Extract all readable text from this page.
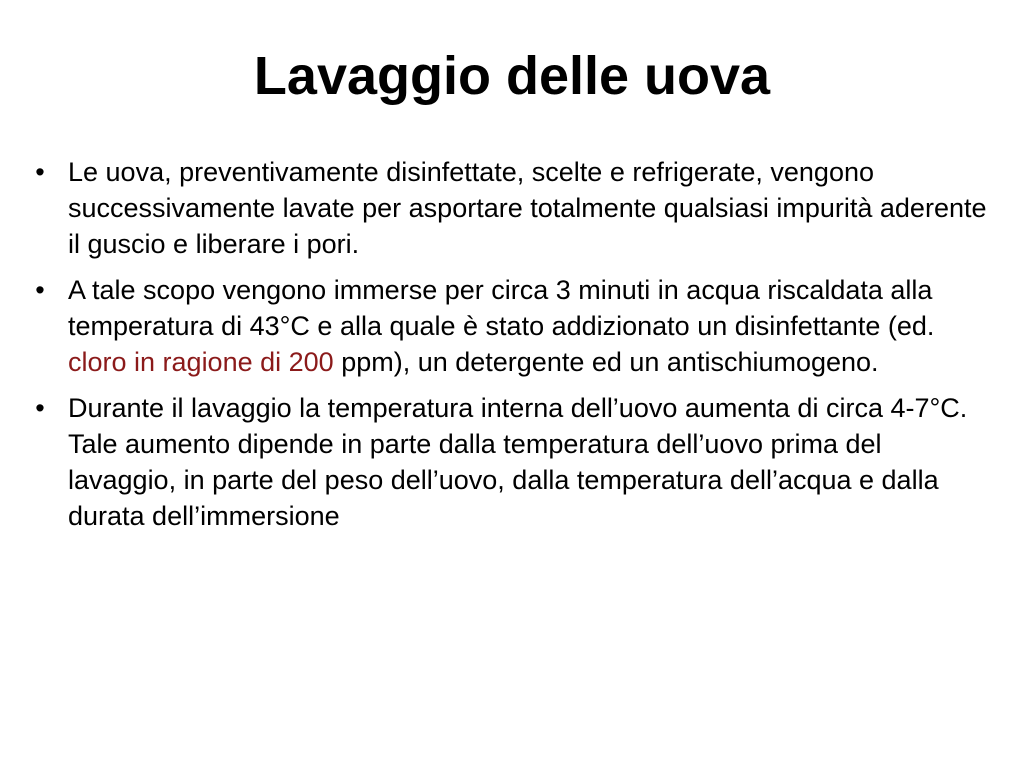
Lavaggio delle uova
• Le uova, preventivamente disinfettate, scelte e refrigerate, vengono successivamente lavate per asportare totalmente qualsiasi impurità aderente il guscio e liberare i pori.
• A tale scopo vengono immerse per circa 3 minuti in acqua riscaldata alla temperatura di 43°C e alla quale è stato addizionato un disinfettante (ed. cloro in ragione di 200 ppm), un detergente ed un antischiumogeno.
• Durante il lavaggio la temperatura interna dell’uovo aumenta di circa 4-7°C. Tale aumento dipende in parte dalla temperatura dell’uovo prima del lavaggio, in parte del peso dell’uovo, dalla temperatura dell’acqua e dalla durata dell’immersione
